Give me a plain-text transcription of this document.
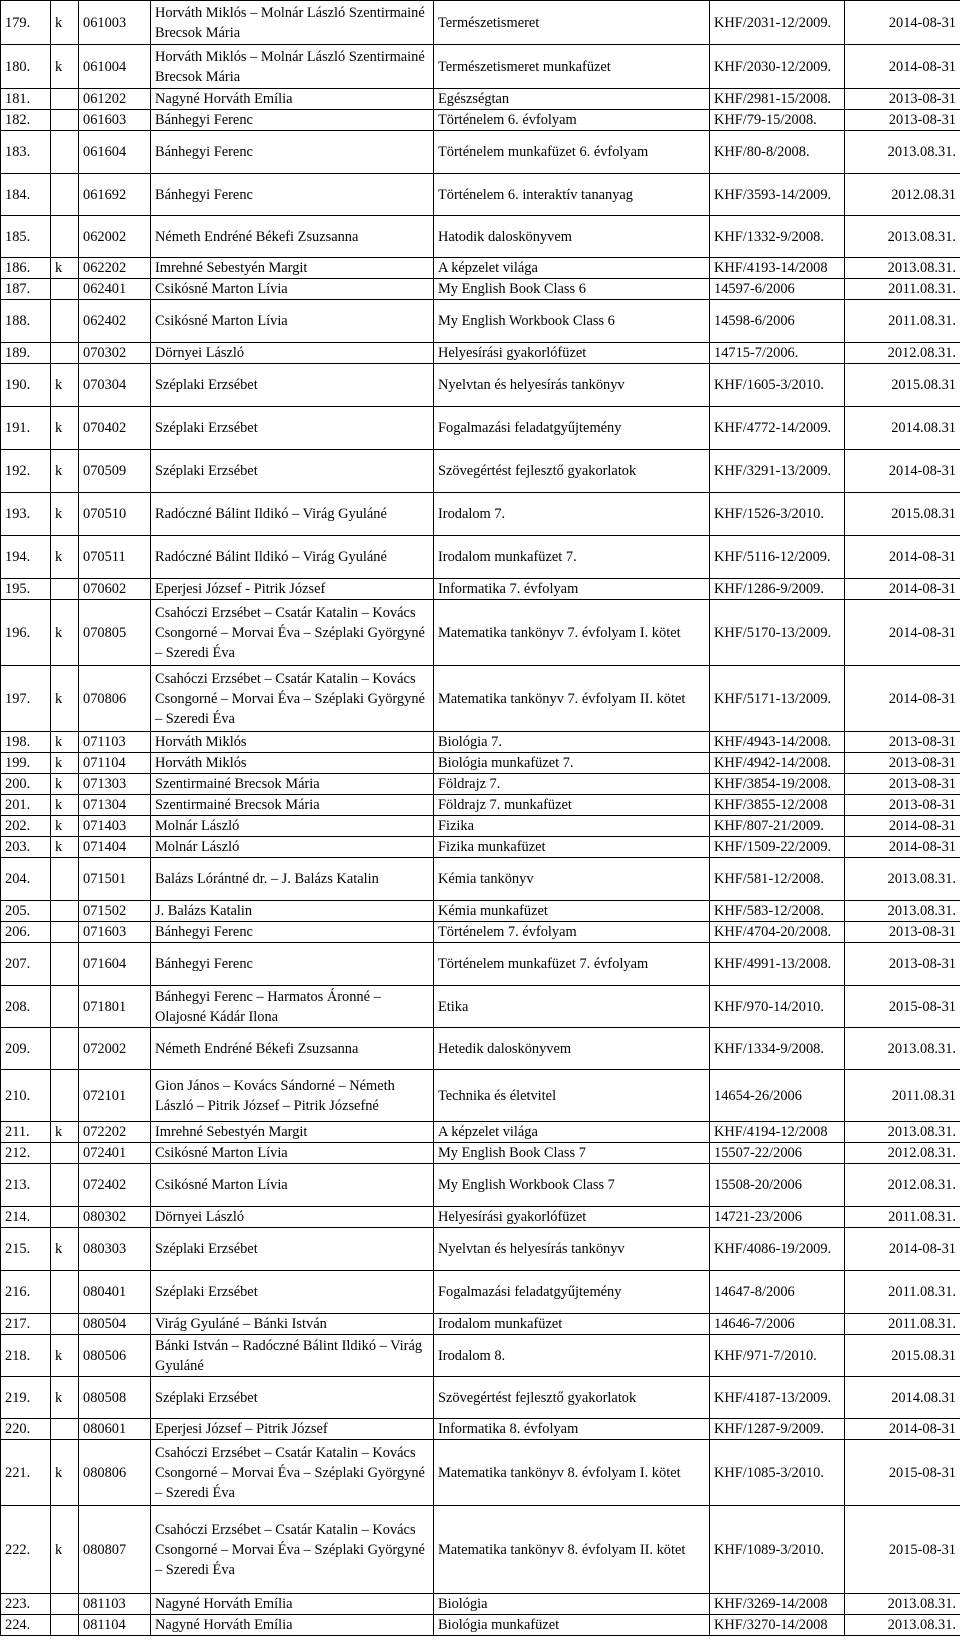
179.	k	061003	Horváth Miklós – Molnár László Szentirmainé Brecsok Mária	Természetismeret	KHF/2031-12/2009.	2014-08-31
180.	k	061004	Horváth Miklós – Molnár László Szentirmainé Brecsok Mária	Természetismeret munkafüzet	KHF/2030-12/2009.	2014-08-31
181.		061202	Nagyné Horváth Emília	Egészségtan	KHF/2981-15/2008.	2013-08-31
182.		061603	Bánhegyi Ferenc	Történelem 6. évfolyam	KHF/79-15/2008.	2013-08-31
183.		061604	Bánhegyi Ferenc	Történelem munkafüzet 6. évfolyam	KHF/80-8/2008.	2013.08.31.
184.		061692	Bánhegyi Ferenc	Történelem 6. interaktív tananyag	KHF/3593-14/2009.	2012.08.31
185.		062002	Németh Endréné Békefi Zsuzsanna	Hatodik daloskönyvem	KHF/1332-9/2008.	2013.08.31.
186.	k	062202	Imrehné Sebestyén Margit	A képzelet világa	KHF/4193-14/2008	2013.08.31.
187.		062401	Csikósné Marton Lívia	My English Book Class 6	14597-6/2006	2011.08.31.
188.		062402	Csikósné Marton Lívia	My English Workbook Class 6	14598-6/2006	2011.08.31.
189.		070302	Dörnyei László	Helyesírási gyakorlófüzet	14715-7/2006.	2012.08.31.
190.	k	070304	Széplaki Erzsébet	Nyelvtan és helyesírás tankönyv	KHF/1605-3/2010.	2015.08.31
191.	k	070402	Széplaki Erzsébet	Fogalmazási feladatgyűjtemény	KHF/4772-14/2009.	2014.08.31
192.	k	070509	Széplaki Erzsébet	Szövegértést fejlesztő gyakorlatok	KHF/3291-13/2009.	2014-08-31
193.	k	070510	Radóczné Bálint Ildikó – Virág Gyuláné	Irodalom 7.	KHF/1526-3/2010.	2015.08.31
194.	k	070511	Radóczné Bálint Ildikó – Virág Gyuláné	Irodalom munkafüzet 7.	KHF/5116-12/2009.	2014-08-31
195.		070602	Eperjesi József - Pitrik József	Informatika 7. évfolyam	KHF/1286-9/2009.	2014-08-31
196.	k	070805	Csahóczi Erzsébet – Csatár Katalin – Kovács Csongorné – Morvai Éva – Széplaki Györgyné – Szeredi Éva	Matematika tankönyv 7. évfolyam I. kötet	KHF/5170-13/2009.	2014-08-31
197.	k	070806	Csahóczi Erzsébet – Csatár Katalin – Kovács Csongorné – Morvai Éva – Széplaki Györgyné – Szeredi Éva	Matematika tankönyv 7. évfolyam II. kötet	KHF/5171-13/2009.	2014-08-31
198.	k	071103	Horváth Miklós	Biológia 7.	KHF/4943-14/2008.	2013-08-31
199.	k	071104	Horváth Miklós	Biológia munkafüzet 7.	KHF/4942-14/2008.	2013-08-31
200.	k	071303	Szentirmainé Brecsok Mária	Földrajz 7.	KHF/3854-19/2008.	2013-08-31
201.	k	071304	Szentirmainé Brecsok Mária	Földrajz 7. munkafüzet	KHF/3855-12/2008	2013-08-31
202.	k	071403	Molnár László	Fizika	KHF/807-21/2009.	2014-08-31
203.	k	071404	Molnár László	Fizika munkafüzet	KHF/1509-22/2009.	2014-08-31
204.		071501	Balázs Lórántné dr. – J. Balázs Katalin	Kémia tankönyv	KHF/581-12/2008.	2013.08.31.
205.		071502	J. Balázs Katalin	Kémia munkafüzet	KHF/583-12/2008.	2013.08.31.
206.		071603	Bánhegyi Ferenc	Történelem 7. évfolyam	KHF/4704-20/2008.	2013-08-31
207.		071604	Bánhegyi Ferenc	Történelem munkafüzet 7. évfolyam	KHF/4991-13/2008.	2013-08-31
208.		071801	Bánhegyi Ferenc – Harmatos Áronné – Olajosné Kádár Ilona	Etika	KHF/970-14/2010.	2015-08-31
209.		072002	Németh Endréné Békefi Zsuzsanna	Hetedik daloskönyvem	KHF/1334-9/2008.	2013.08.31.
210.		072101	Gion János – Kovács Sándorné – Németh László – Pitrik József – Pitrik Józsefné	Technika és életvitel	14654-26/2006	2011.08.31
211.	k	072202	Imrehné Sebestyén Margit	A képzelet világa	KHF/4194-12/2008	2013.08.31.
212.		072401	Csikósné Marton Lívia	My English Book Class 7	15507-22/2006	2012.08.31.
213.		072402	Csikósné Marton Lívia	My English Workbook Class 7	15508-20/2006	2012.08.31.
214.		080302	Dörnyei László	Helyesírási gyakorlófüzet	14721-23/2006	2011.08.31.
215.	k	080303	Széplaki Erzsébet	Nyelvtan és helyesírás tankönyv	KHF/4086-19/2009.	2014-08-31
216.		080401	Széplaki Erzsébet	Fogalmazási feladatgyűjtemény	14647-8/2006	2011.08.31.
217.		080504	Virág Gyuláné – Bánki István	Irodalom munkafüzet	14646-7/2006	2011.08.31.
218.	k	080506	Bánki István – Radóczné Bálint Ildikó – Virág Gyuláné	Irodalom 8.	KHF/971-7/2010.	2015.08.31
219.	k	080508	Széplaki Erzsébet	Szövegértést fejlesztő gyakorlatok	KHF/4187-13/2009.	2014.08.31
220.		080601	Eperjesi József – Pitrik József	Informatika 8. évfolyam	KHF/1287-9/2009.	2014-08-31
221.	k	080806	Csahóczi Erzsébet – Csatár Katalin – Kovács Csongorné – Morvai Éva – Széplaki Györgyné – Szeredi Éva	Matematika tankönyv 8. évfolyam I. kötet	KHF/1085-3/2010.	2015-08-31
222.	k	080807	Csahóczi Erzsébet – Csatár Katalin – Kovács Csongorné – Morvai Éva – Széplaki Györgyné – Szeredi Éva	Matematika tankönyv 8. évfolyam II. kötet	KHF/1089-3/2010.	2015-08-31
223.		081103	Nagyné Horváth Emília	Biológia	KHF/3269-14/2008	2013.08.31.
224.		081104	Nagyné Horváth Emília	Biológia munkafüzet	KHF/3270-14/2008	2013.08.31.
